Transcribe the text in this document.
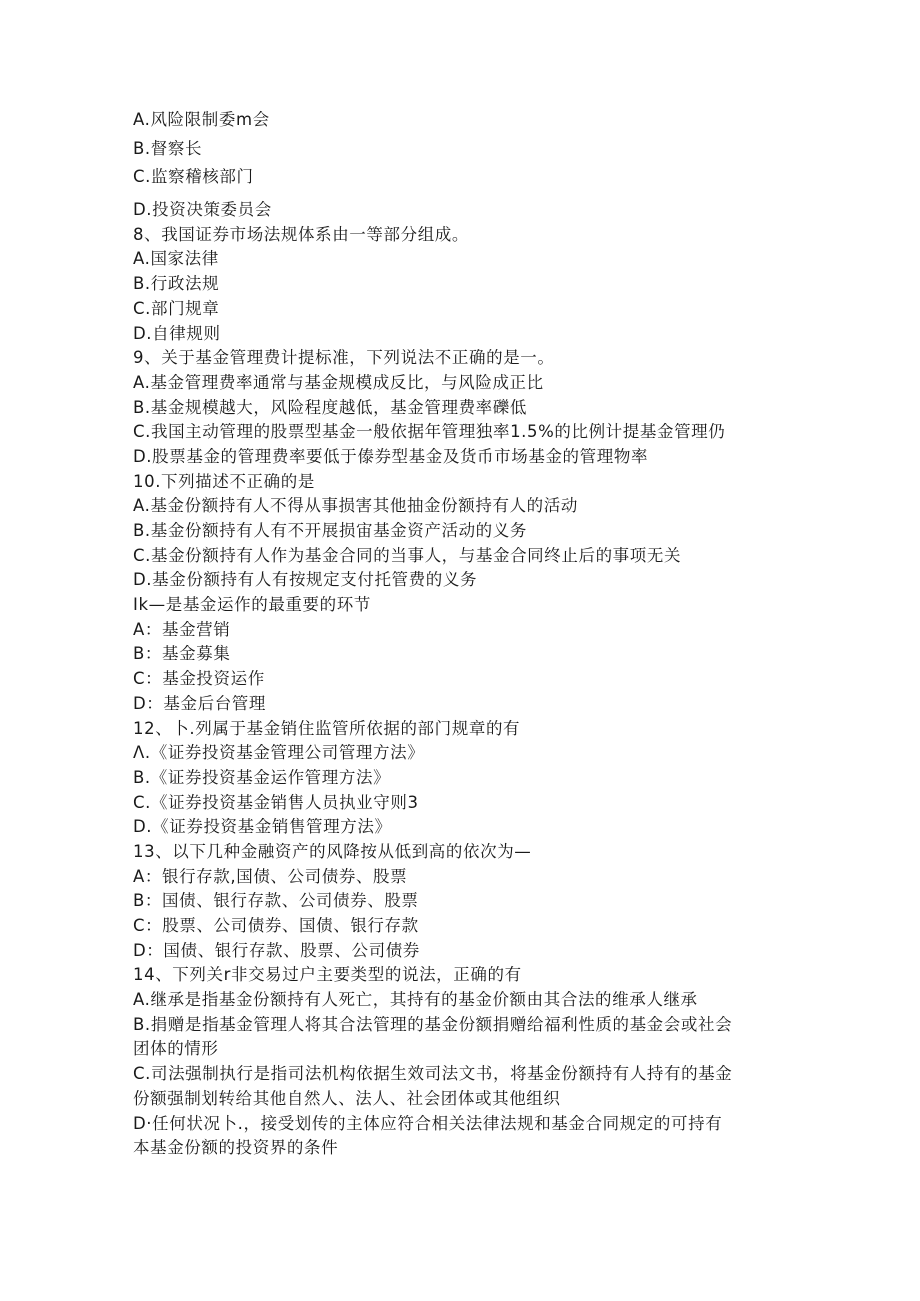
A.风险限制委m会
B.督察长
C.监察稽核部门
D.投资决策委员会
8、我国证券市场法规体系由一等部分组成。
A.国家法律
B.行政法规
C.部门规章
D.自律规则
9、关于基金管理费计提标准，下列说法不正确的是一。
A.基金管理费率通常与基金规模成反比，与风险成正比
B.基金规模越大，风险程度越低，基金管理费率礫低
C.我国主动管理的股票型基金一般依据年管理独率1.5%的比例计提基金管理仍
D.股票基金的管理费率要低于傣券型基金及货币市场基金的管理物率
10.下列描述不正确的是
A.基金份额持有人不得从事损害其他抽金份额持有人的活动
B.基金份额持有人有不开展损宙基金资产活动的义务
C.基金份额持有人作为基金合同的当事人，与基金合同终止后的事项无关
D.基金份额持有人有按规定支付托管费的义务
Ik—是基金运作的最重要的环节
A：基金营销
B：基金募集
C：基金投资运作
D：基金后台管理
12、卜.列属于基金销住监管所依据的部门规章的有
Λ.《证券投资基金管理公司管理方法》
B.《证券投资基金运作管理方法》
C.《证券投资基金销售人员执业守则3
D.《证券投资基金销售管理方法》
13、以下几种金融资产的风降按从低到高的依次为—
A：银行存款,国债、公司债券、股票
B：国债、银行存款、公司债券、股票
C：股票、公司债券、国债、银行存款
D：国债、银行存款、股票、公司债券
14、下列关r非交易过户主要类型的说法，正确的有
A.继承是指基金份额持有人死亡，其持有的基金价额由其合法的维承人继承
B.捐赠是指基金管理人将其合法管理的基金份额捐赠给福利性质的基金会或社会
团体的情形
C.司法强制执行是指司法机构依据生效司法文书，将基金份额持有人持有的基金
份额强制划转给其他自然人、法人、社会团体或其他组织
D·任何状况卜.，接受划传的主体应符合相关法律法规和基金合同规定的可持有
本基金份额的投资界的条件
